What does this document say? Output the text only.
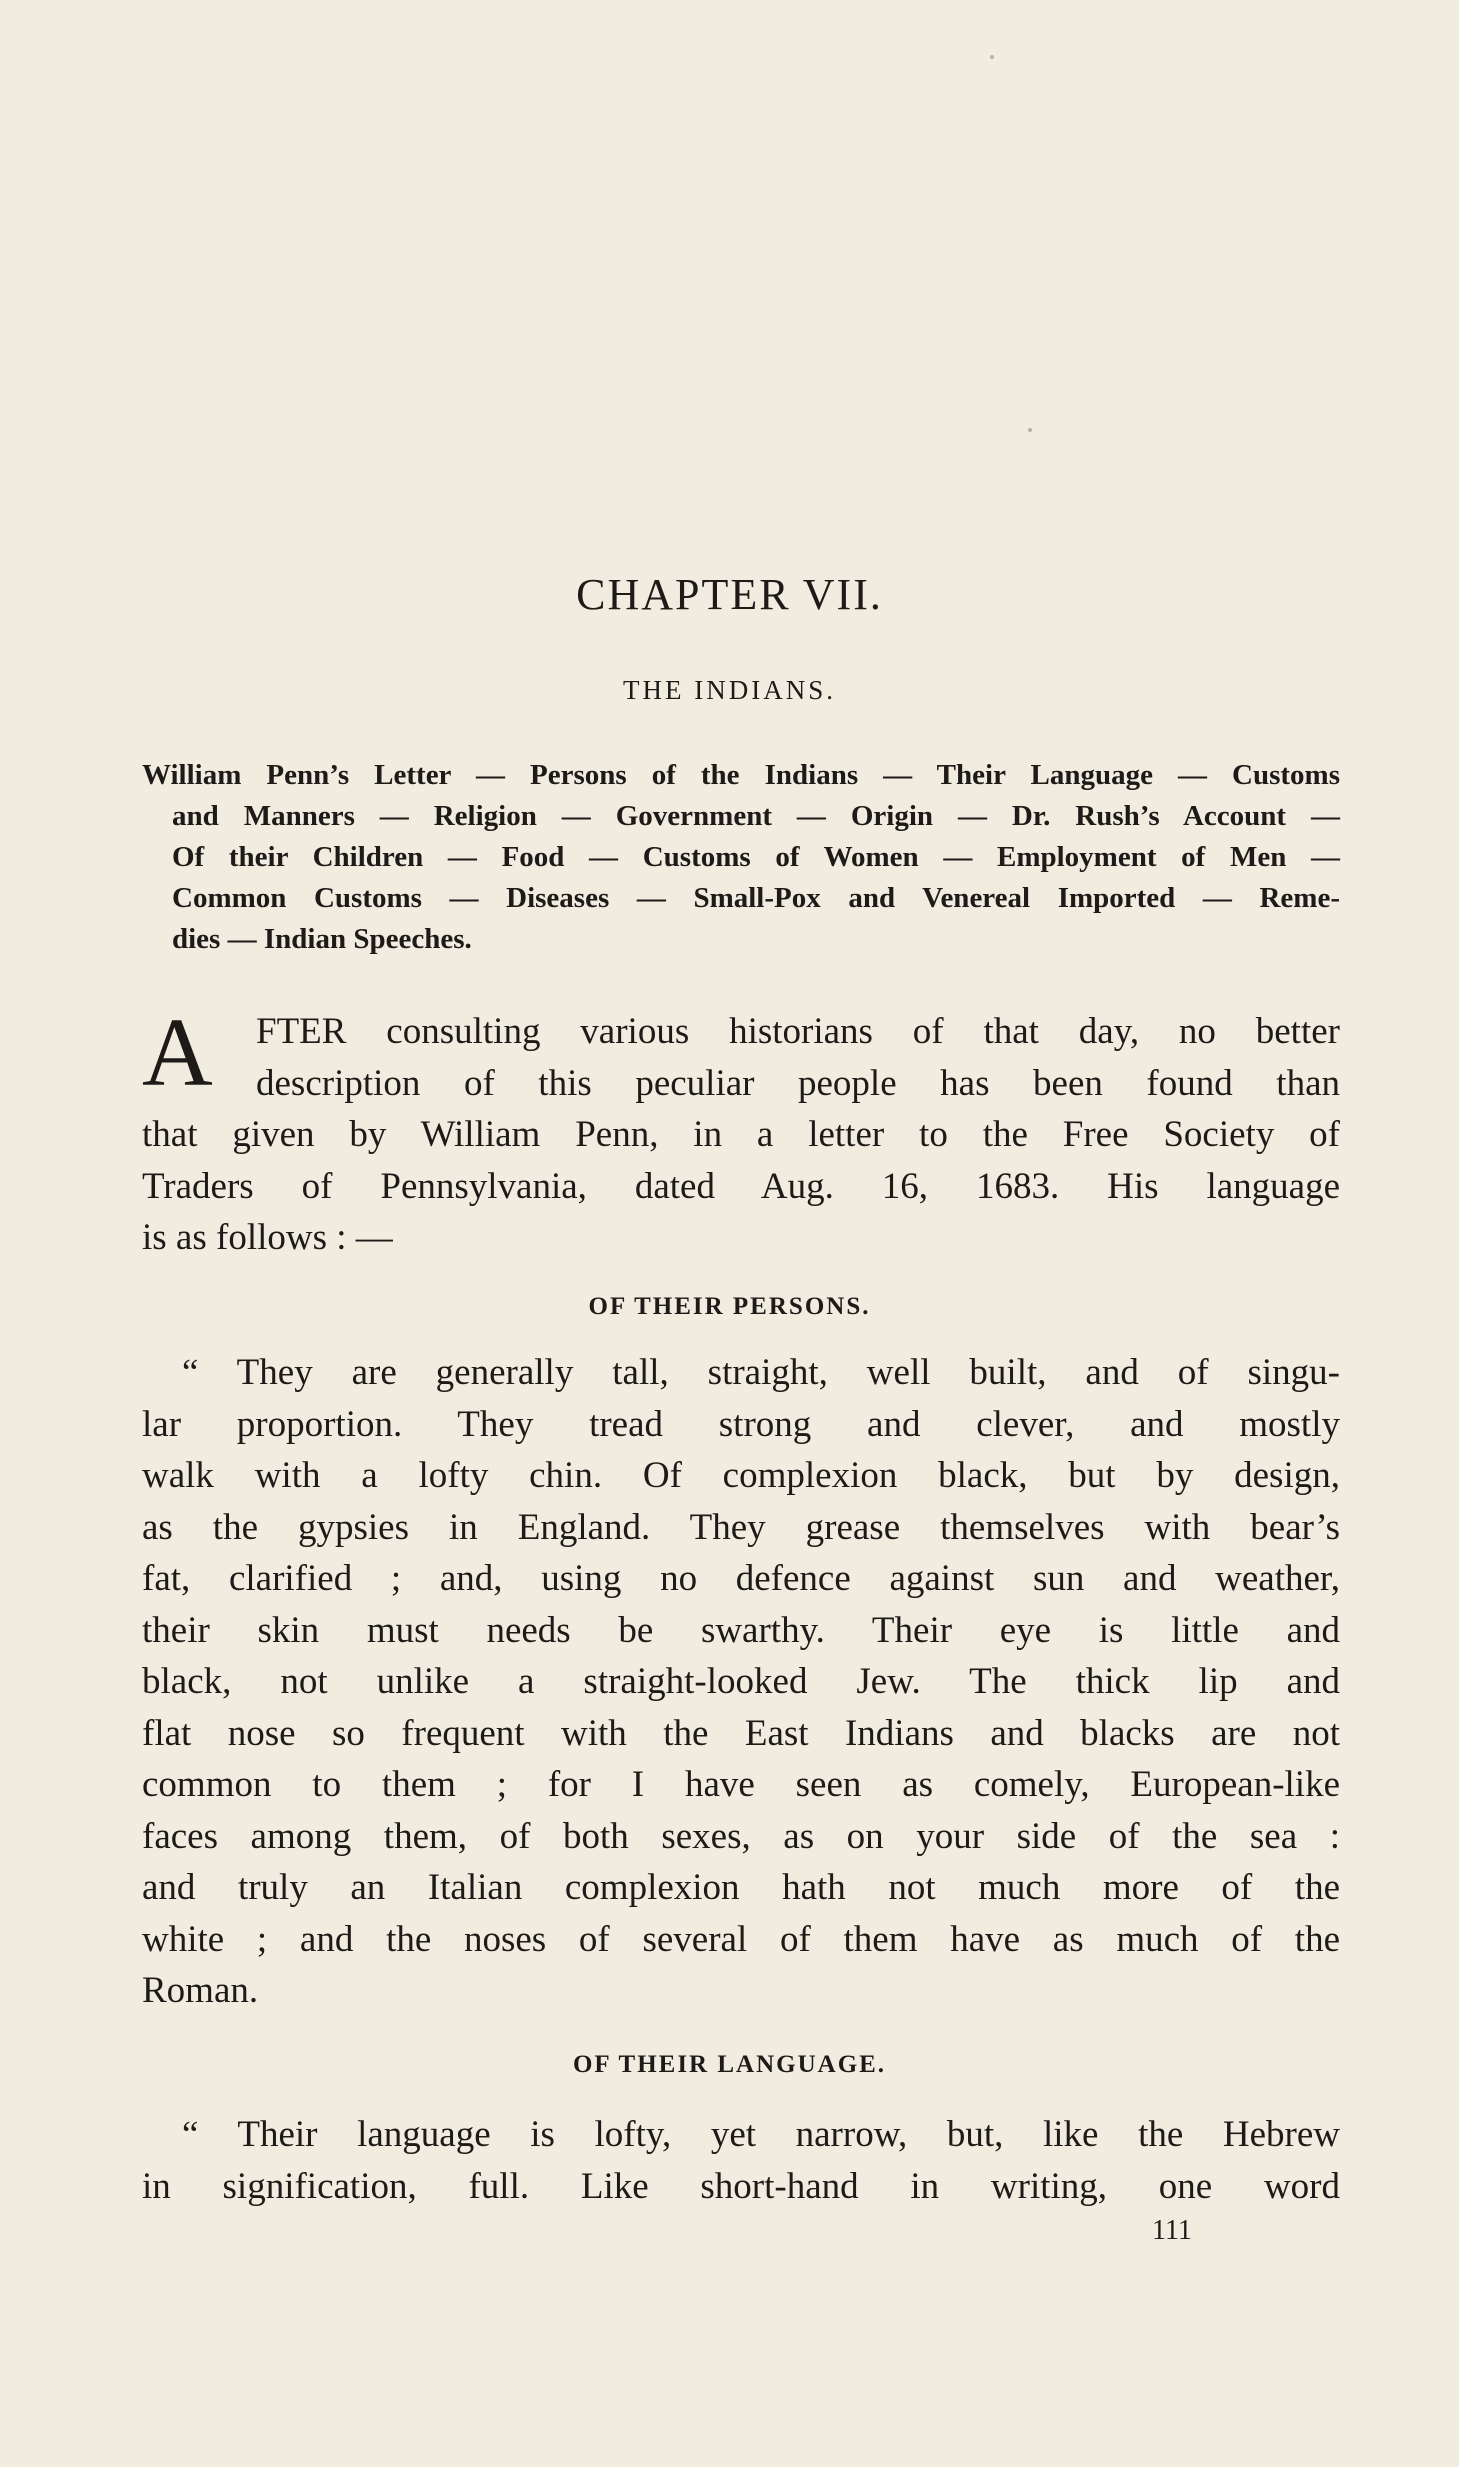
CHAPTER VII.
THE INDIANS.
William Penn’s Letter — Persons of the Indians — Their Language — Customs
and Manners — Religion — Government — Origin — Dr. Rush’s Account —
Of their Children — Food — Customs of Women — Employment of Men —
Common Customs — Diseases — Small-Pox and Venereal Imported — Reme-
dies — Indian Speeches.
A	FTER consulting various historians of that day, no better
description of this peculiar people has been found than
that given by William Penn, in a letter to the Free Society of
Traders of Pennsylvania, dated Aug. 16, 1683. His language
is as follows : —
OF THEIR PERSONS.
“ They are generally tall, straight, well built, and of singu-
lar proportion. They tread strong and clever, and mostly
walk with a lofty chin. Of complexion black, but by design,
as the gypsies in England. They grease themselves with bear’s
fat, clarified ; and, using no defence against sun and weather,
their skin must needs be swarthy. Their eye is little and
black, not unlike a straight-looked Jew. The thick lip and
flat nose so frequent with the East Indians and blacks are not
common to them ; for I have seen as comely, European-like
faces among them, of both sexes, as on your side of the sea :
and truly an Italian complexion hath not much more of the
white ; and the noses of several of them have as much of the
Roman.
OF THEIR LANGUAGE.
“ Their language is lofty, yet narrow, but, like the Hebrew
in signification, full. Like short-hand in writing, one word

111
